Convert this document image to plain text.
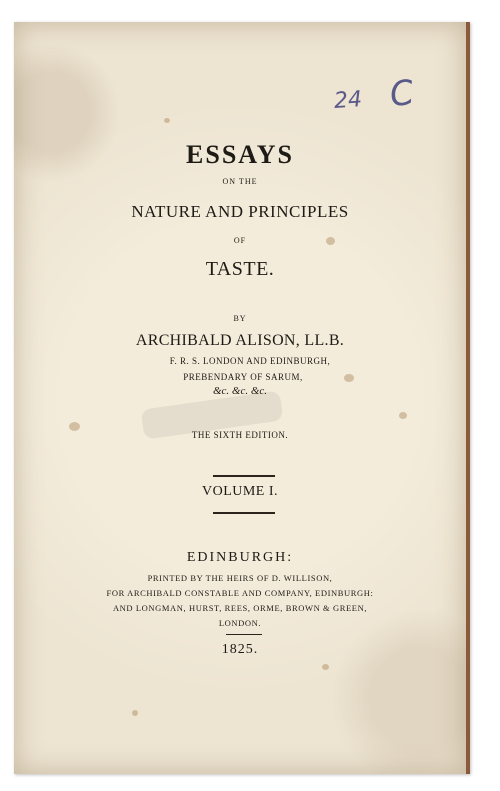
24 C
ESSAYS
ON THE
NATURE AND PRINCIPLES
OF
TASTE.
BY
ARCHIBALD ALISON, LL.B.
F. R. S. LONDON AND EDINBURGH,
PREBENDARY OF SARUM,
&c. &c. &c.
THE SIXTH EDITION.
VOLUME I.
EDINBURGH:
PRINTED BY THE HEIRS OF D. WILLISON,
FOR ARCHIBALD CONSTABLE AND COMPANY, EDINBURGH:
AND LONGMAN, HURST, REES, ORME, BROWN & GREEN,
LONDON.
1825.
